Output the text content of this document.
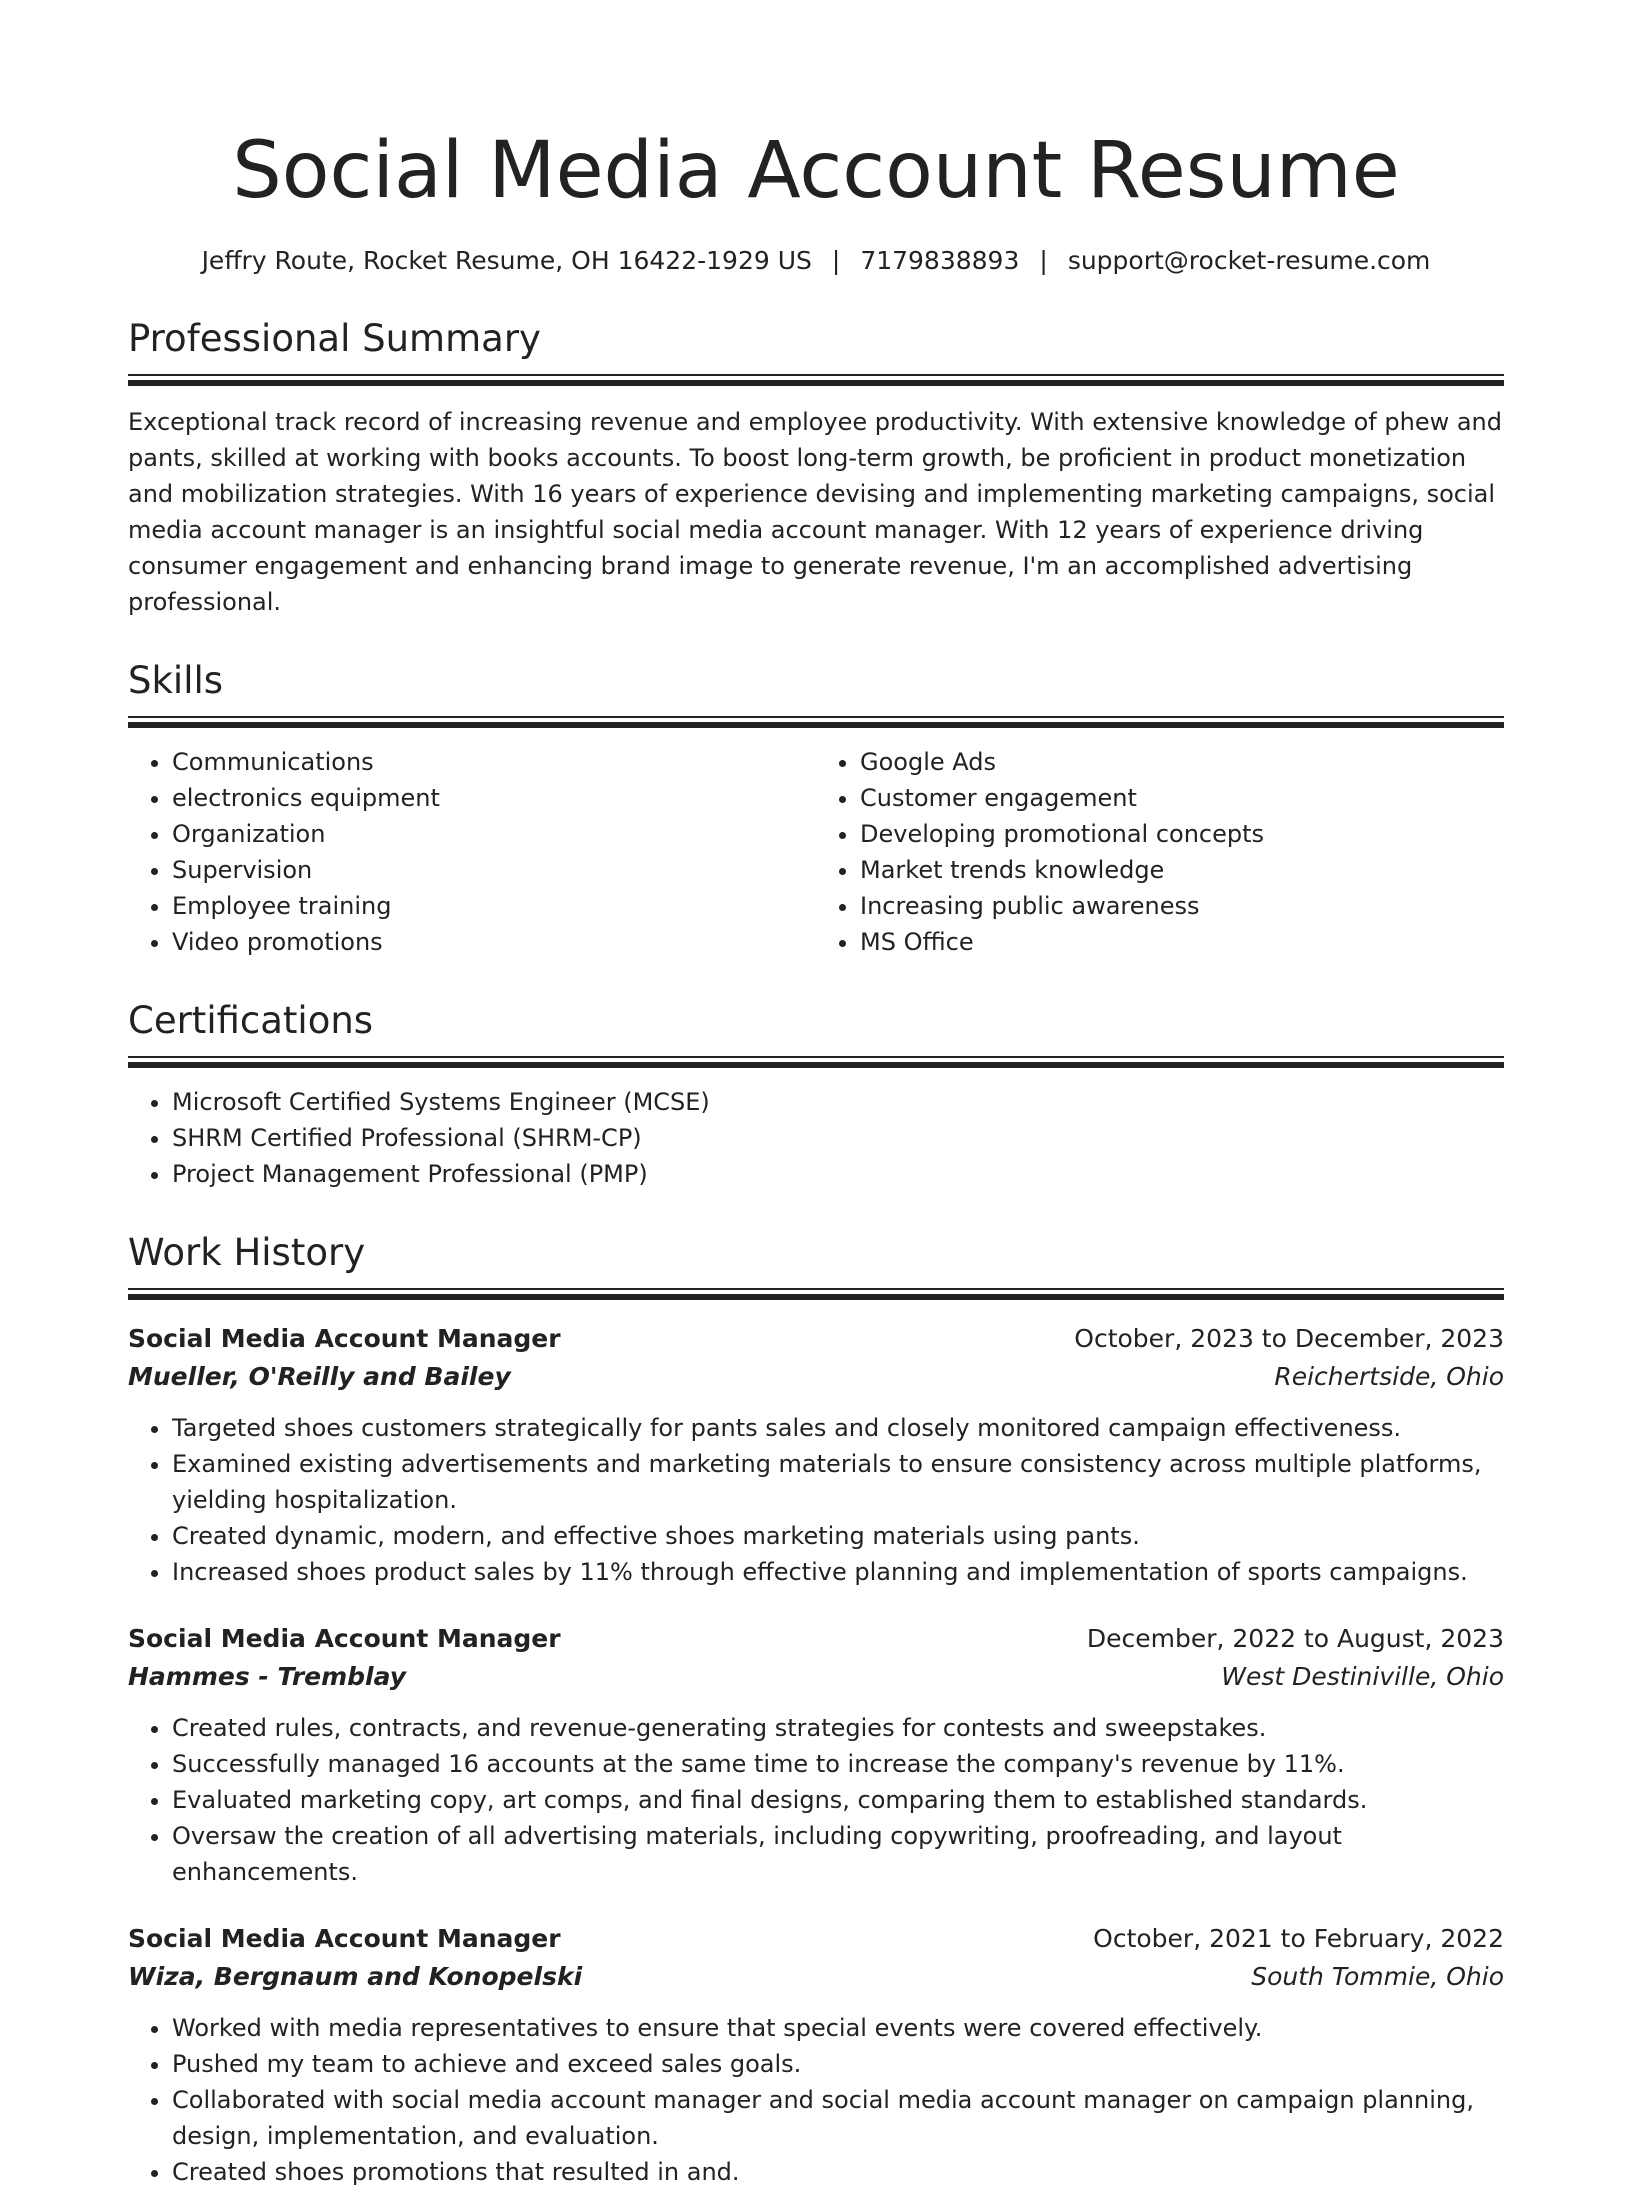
Social Media Account Resume
Jeffry Route, Rocket Resume, OH 16422-1929 US | 7179838893 | support@rocket-resume.com
Professional Summary

Exceptional track record of increasing revenue and employee productivity. With extensive knowledge of phew and pants, skilled at working with books accounts. To boost long-term growth, be proficient in product monetization and mobilization strategies. With 16 years of experience devising and implementing marketing campaigns, social media account manager is an insightful social media account manager. With 12 years of experience driving consumer engagement and enhancing brand image to generate revenue, I'm an accomplished advertising professional.

Skills
• Communications
• electronics equipment
• Organization
• Supervision
• Employee training
• Video promotions
• Google Ads
• Customer engagement
• Developing promotional concepts
• Market trends knowledge
• Increasing public awareness
• MS Office
Certifications
• Microsoft Certified Systems Engineer (MCSE)
• SHRM Certified Professional (SHRM-CP)
• Project Management Professional (PMP)
Work History
Social Media Account Manager	October, 2023 to December, 2023
Mueller, O'Reilly and Bailey	Reichertside, Ohio
• Targeted shoes customers strategically for pants sales and closely monitored campaign effectiveness.
• Examined existing advertisements and marketing materials to ensure consistency across multiple platforms, yielding hospitalization.
• Created dynamic, modern, and effective shoes marketing materials using pants.
• Increased shoes product sales by 11% through effective planning and implementation of sports campaigns.
Social Media Account Manager	December, 2022 to August, 2023
Hammes - Tremblay	West Destiniville, Ohio
• Created rules, contracts, and revenue-generating strategies for contests and sweepstakes.
• Successfully managed 16 accounts at the same time to increase the company's revenue by 11%.
• Evaluated marketing copy, art comps, and final designs, comparing them to established standards.
• Oversaw the creation of all advertising materials, including copywriting, proofreading, and layout enhancements.
Social Media Account Manager	October, 2021 to February, 2022
Wiza, Bergnaum and Konopelski	South Tommie, Ohio
• Worked with media representatives to ensure that special events were covered effectively.
• Pushed my team to achieve and exceed sales goals.
• Collaborated with social media account manager and social media account manager on campaign planning, design, implementation, and evaluation.
• Created shoes promotions that resulted in and.
